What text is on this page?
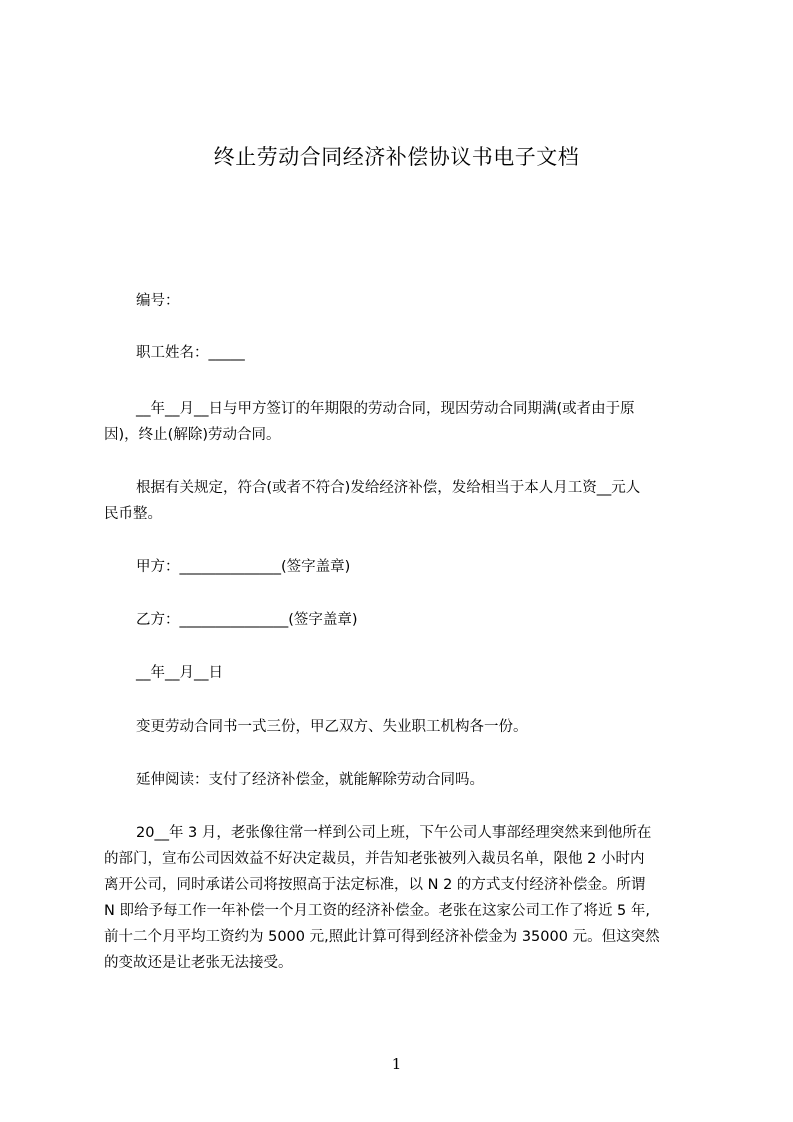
终止劳动合同经济补偿协议书电子文档
编号：
职工姓名：_____
__年__月__日与甲方签订的年期限的劳动合同，现因劳动合同期满(或者由于原
因)，终止(解除)劳动合同。
根据有关规定，符合(或者不符合)发给经济补偿，发给相当于本人月工资__元人
民币整。
甲方：______________(签字盖章)
乙方：_______________(签字盖章)
__年__月__日
变更劳动合同书一式三份，甲乙双方、失业职工机构各一份。
延伸阅读：支付了经济补偿金，就能解除劳动合同吗。
20__年 3 月，老张像往常一样到公司上班，下午公司人事部经理突然来到他所在
的部门，宣布公司因效益不好决定裁员，并告知老张被列入裁员名单，限他 2 小时内
离开公司，同时承诺公司将按照高于法定标准，以 N 2 的方式支付经济补偿金。所谓
N 即给予每工作一年补偿一个月工资的经济补偿金。老张在这家公司工作了将近 5 年,
前十二个月平均工资约为 5000 元,照此计算可得到经济补偿金为 35000 元。但这突然
的变故还是让老张无法接受。
1
